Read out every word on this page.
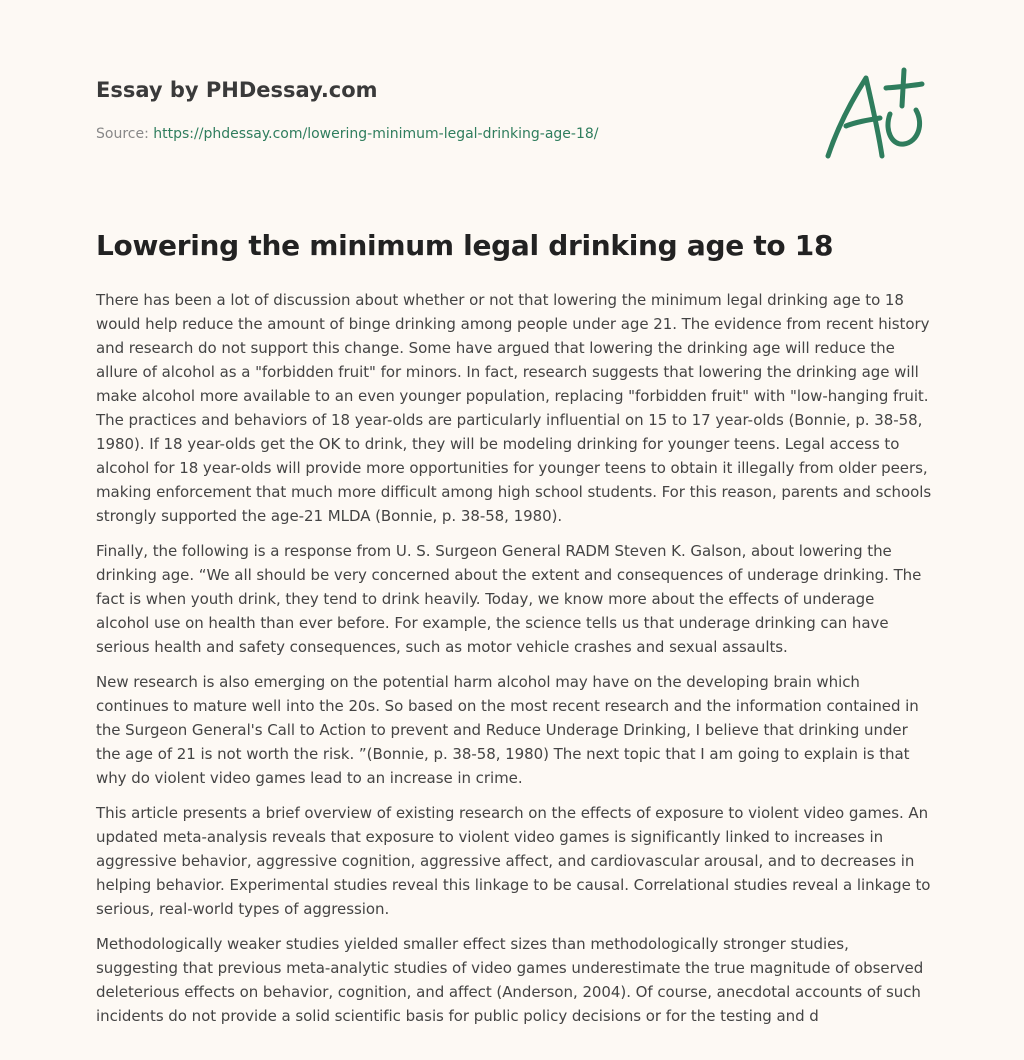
Essay by PHDessay.com
Source: https://phdessay.com/lowering-minimum-legal-drinking-age-18/
Lowering the minimum legal drinking age to 18

There has been a lot of discussion about whether or not that lowering the minimum legal drinking age to 18 would help reduce the amount of binge drinking among people under age 21. The evidence from recent history and research do not support this change. Some have argued that lowering the drinking age will reduce the allure of alcohol as a "forbidden fruit" for minors. In fact, research suggests that lowering the drinking age will make alcohol more available to an even younger population, replacing "forbidden fruit" with "low-hanging fruit. The practices and behaviors of 18 year-olds are particularly influential on 15 to 17 year-olds (Bonnie, p. 38-58, 1980). If 18 year-olds get the OK to drink, they will be modeling drinking for younger teens. Legal access to alcohol for 18 year-olds will provide more opportunities for younger teens to obtain it illegally from older peers, making enforcement that much more difficult among high school students. For this reason, parents and schools strongly supported the age-21 MLDA (Bonnie, p. 38-58, 1980).

Finally, the following is a response from U. S. Surgeon General RADM Steven K. Galson, about lowering the drinking age. “We all should be very concerned about the extent and consequences of underage drinking. The fact is when youth drink, they tend to drink heavily. Today, we know more about the effects of underage alcohol use on health than ever before. For example, the science tells us that underage drinking can have serious health and safety consequences, such as motor vehicle crashes and sexual assaults.

New research is also emerging on the potential harm alcohol may have on the developing brain which continues to mature well into the 20s. So based on the most recent research and the information contained in the Surgeon General's Call to Action to prevent and Reduce Underage Drinking, I believe that drinking under the age of 21 is not worth the risk. ”(Bonnie, p. 38-58, 1980) The next topic that I am going to explain is that why do violent video games lead to an increase in crime.

This article presents a brief overview of existing research on the effects of exposure to violent video games. An updated meta-analysis reveals that exposure to violent video games is significantly linked to increases in aggressive behavior, aggressive cognition, aggressive affect, and cardiovascular arousal, and to decreases in helping behavior. Experimental studies reveal this linkage to be causal. Correlational studies reveal a linkage to serious, real-world types of aggression.

Methodologically weaker studies yielded smaller effect sizes than methodologically stronger studies, suggesting that previous meta-analytic studies of video games underestimate the true magnitude of observed deleterious effects on behavior, cognition, and affect (Anderson, 2004). Of course, anecdotal accounts of such incidents do not provide a solid scientific basis for public policy decisions or for the testing and d
